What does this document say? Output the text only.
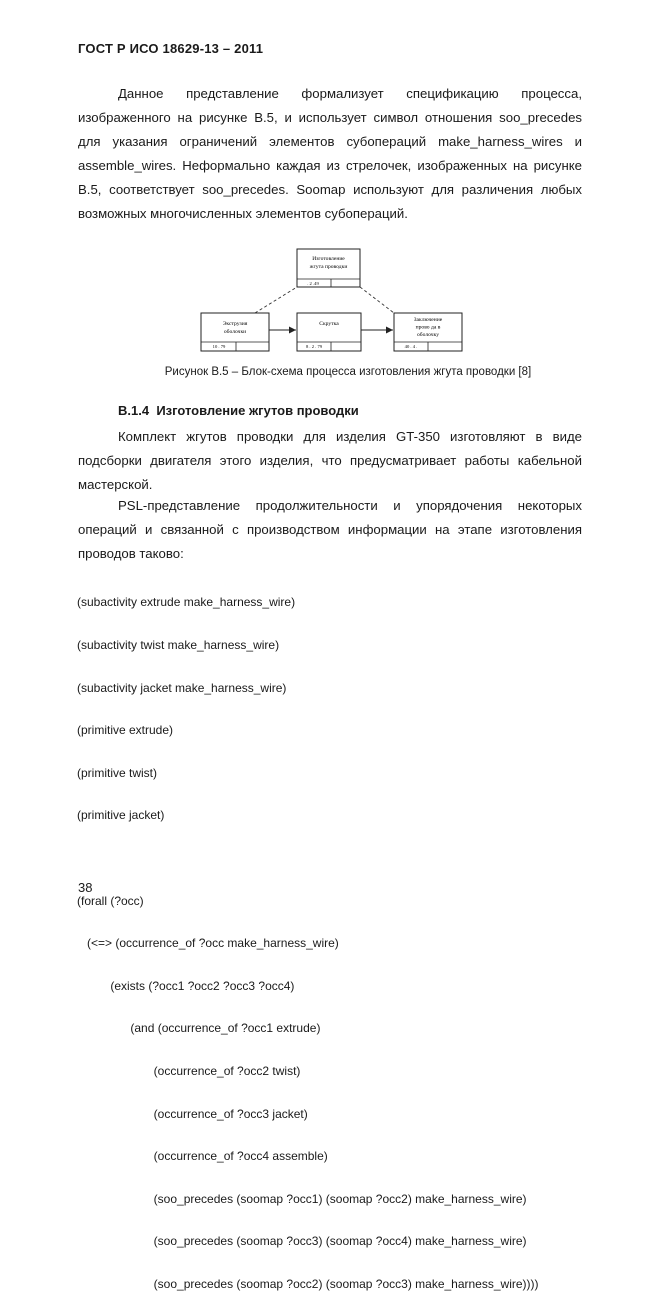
ГОСТ Р ИСО 18629-13 – 2011

Данное представление формализует спецификацию процесса,

изображенного на рисунке В.5, и использует символ отношения soo_precedes

для указания ограничений элементов субопераций make_harness_wires и

assemble_wires. Неформально каждая из стрелочек, изображенных на рисунке

В.5, соответствует soo_precedes. Soomap используют для различения любых

возможных многочисленных элементов субопераций.

Изготовление
жгута проводки
. 2 .49
Экструзия
оболочки
10 . 79
Скрутка
8 . 2 . 79
Заключение
прово да в
оболочку
40 . 4 .
Рисунок В.5 – Блок-схема процесса изготовления жгута проводки [8]
В.1.4 Изготовление жгутов проводки

Комплект жгутов проводки для изделия GT-350 изготовляют в виде

подсборки двигателя этого изделия, что предусматривает работы кабельной

мастерской.

PSL-представление продолжительности и упорядочения некоторых

операций и связанной с производством информации на этапе изготовления

проводов таково:

(subactivity extrude make_harness_wire)

(subactivity twist make_harness_wire)

(subactivity jacket make_harness_wire)

(primitive extrude)

(primitive twist)

(primitive jacket)

(forall (?occ)

(<=> (occurrence_of ?occ make_harness_wire)

(exists (?occ1 ?occ2 ?occ3 ?occ4)

(and (occurrence_of ?occ1 extrude)

(occurrence_of ?occ2 twist)

(occurrence_of ?occ3 jacket)

(occurrence_of ?occ4 assemble)

(soo_precedes (soomap ?occ1) (soomap ?occ2) make_harness_wire)

(soo_precedes (soomap ?occ3) (soomap ?occ4) make_harness_wire)

(soo_precedes (soomap ?occ2) (soomap ?occ3) make_harness_wire))))

38
